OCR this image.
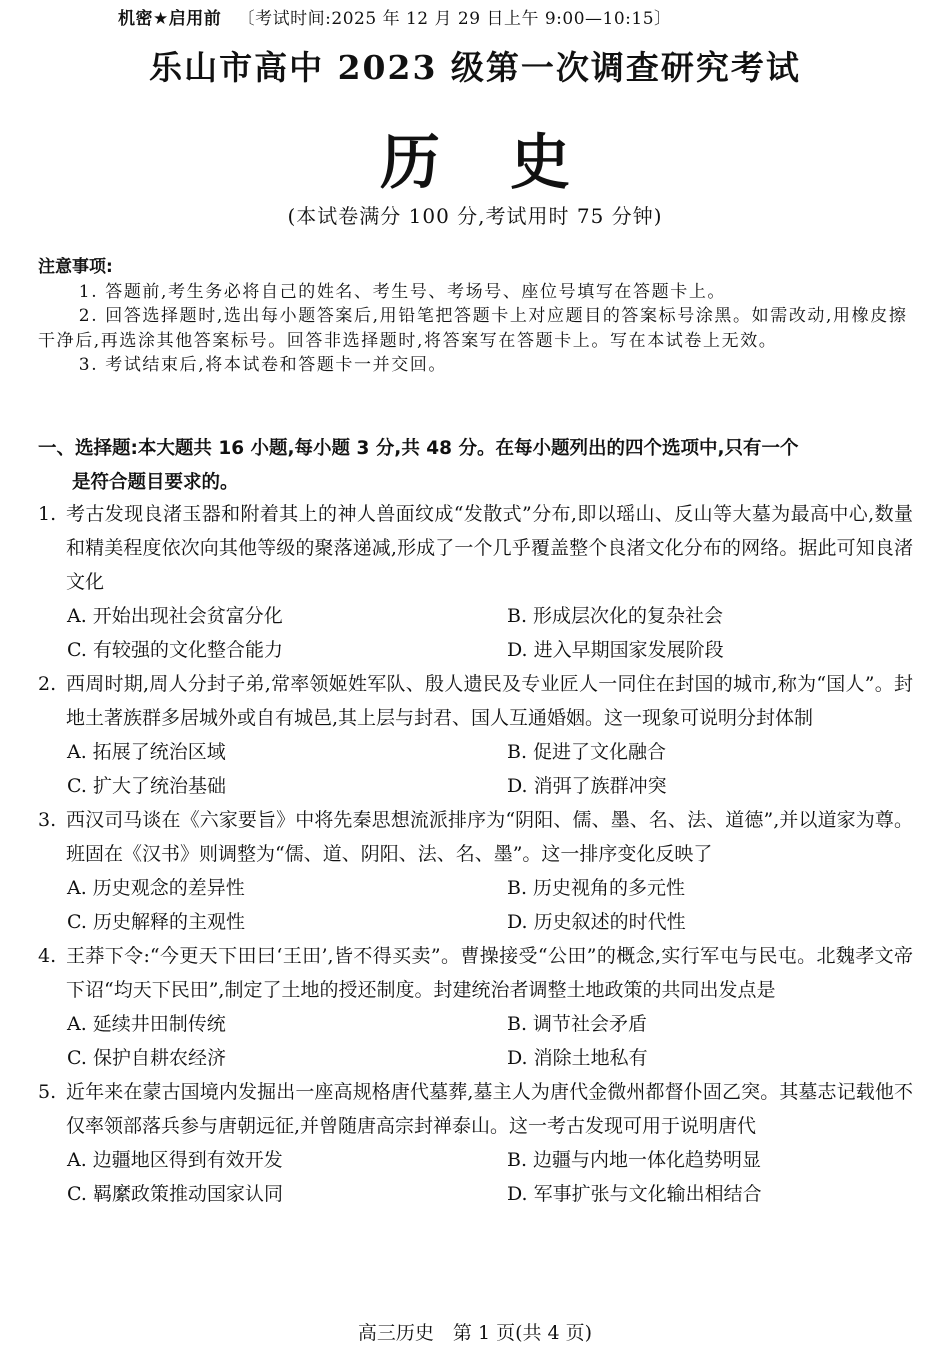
机密★启用前 〔考试时间:2025 年 12 月 29 日上午 9:00—10:15〕
乐山市高中 2023 级第一次调查研究考试
历 史
(本试卷满分 100 分,考试用时 75 分钟)
注意事项:
1. 答题前,考生务必将自己的姓名、考生号、考场号、座位号填写在答题卡上。
2. 回答选择题时,选出每小题答案后,用铅笔把答题卡上对应题目的答案标号涂黑。如需改动,用橡皮擦干净后,再选涂其他答案标号。回答非选择题时,将答案写在答题卡上。写在本试卷上无效。
3. 考试结束后,将本试卷和答题卡一并交回。
一、选择题:本大题共 16 小题,每小题 3 分,共 48 分。在每小题列出的四个选项中,只有一个
是符合题目要求的。
1. 考古发现良渚玉器和附着其上的神人兽面纹成“发散式”分布,即以瑶山、反山等大墓为最高中心,数量和精美程度依次向其他等级的聚落递减,形成了一个几乎覆盖整个良渚文化分布的网络。据此可知良渚文化
A. 开始出现社会贫富分化	B. 形成层次化的复杂社会
C. 有较强的文化整合能力	D. 进入早期国家发展阶段
2. 西周时期,周人分封子弟,常率领姬姓军队、殷人遗民及专业匠人一同住在封国的城市,称为“国人”。封地土著族群多居城外或自有城邑,其上层与封君、国人互通婚姻。这一现象可说明分封体制
A. 拓展了统治区域	B. 促进了文化融合
C. 扩大了统治基础	D. 消弭了族群冲突
3. 西汉司马谈在《六家要旨》中将先秦思想流派排序为“阴阳、儒、墨、名、法、道德”,并以道家为尊。班固在《汉书》则调整为“儒、道、阴阳、法、名、墨”。这一排序变化反映了
A. 历史观念的差异性	B. 历史视角的多元性
C. 历史解释的主观性	D. 历史叙述的时代性
4. 王莽下令:“今更天下田曰‘王田’,皆不得买卖”。曹操接受“公田”的概念,实行军屯与民屯。北魏孝文帝下诏“均天下民田”,制定了土地的授还制度。封建统治者调整土地政策的共同出发点是
A. 延续井田制传统	B. 调节社会矛盾
C. 保护自耕农经济	D. 消除土地私有
5. 近年来在蒙古国境内发掘出一座高规格唐代墓葬,墓主人为唐代金微州都督仆固乙突。其墓志记载他不仅率领部落兵参与唐朝远征,并曾随唐高宗封禅泰山。这一考古发现可用于说明唐代
A. 边疆地区得到有效开发	B. 边疆与内地一体化趋势明显
C. 羁縻政策推动国家认同	D. 军事扩张与文化输出相结合
高三历史　第 1 页(共 4 页)
